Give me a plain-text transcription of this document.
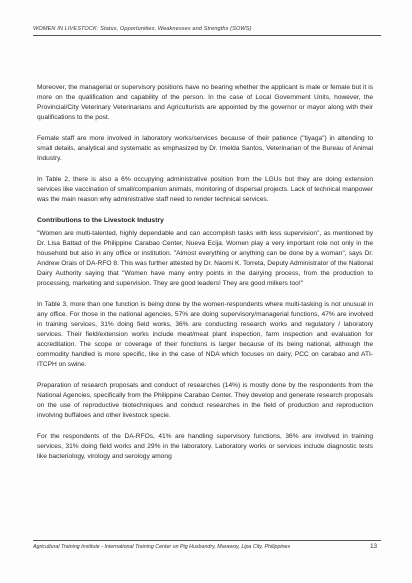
WOMEN IN LIVESTOCK: Status, Opportunities, Weaknesses and Strengths (SOWS)

Moreover, the managerial or supervisory positions have no bearing whether the applicant is male or female but it is more on the qualification and capability of the person. In the case of Local Government Units, however, the Provincial/City Veterinary Veterinarians and Agriculturists are appointed by the governor or mayor along with their qualifications to the post.

Female staff are more involved in laboratory works/services because of their patience ("tiyaga") in attending to small details, analytical and systematic as emphasized by Dr. Imelda Santos, Veterinarian of the Bureau of Animal Industry.

In Table 2, there is also a 6% occupying administrative position from the LGUs but they are doing extension services like vaccination of small/companion animals, monitoring of dispersal projects. Lack of technical manpower was the main reason why administrative staff need to render technical services.

Contributions to the Livestock Industry

"Women are multi-talented, highly dependable and can accomplish tasks with less supervision", as mentioned by Dr. Lisa Battad of the Philippine Carabao Center, Nueva Ecija. Women play a very important role not only in the household but also in any office or institution. "Almost everything or anything can be done by a woman", says Dr. Andrew Orais of DA-RFO 8. This was further attested by Dr. Naomi K. Torreta, Deputy Administrator of the National Dairy Authority saying that "Women have many entry points in the dairying process, from the production to processing, marketing and supervision. They are good leaders! They are good milkers too!"

In Table 3, more than one function is being done by the women-respondents where multi-tasking is not unusual in any office. For those in the national agencies, 57% are doing supervisory/managerial functions, 47% are involved in training services, 31% doing field works, 36% are conducting research works and regulatory / laboratory services. Their field/extension works include meat/meat plant inspection, farm inspection and evaluation for accreditation. The scope or coverage of their functions is larger because of its being national, although the commodity handled is more specific, like in the case of NDA which focuses on dairy, PCC on carabao and ATI-ITCPH on swine.

Preparation of research proposals and conduct of researches (14%) is mostly done by the respondents from the National Agencies, specifically from the Philippine Carabao Center. They develop and generate research proposals on the use of reproductive biotechniques and conduct researches in the field of production and reproduction involving buffaloes and other livestock specie.

For the respondents of the DA-RFOs, 41% are handling supervisory functions, 36% are involved in training services, 31% doing field works and 29% in the laboratory. Laboratory works or services include diagnostic tests like bacteriology, virology and serology among

Agricultural Training Institute - International Training Center on Pig Husbandry, Marawoy, Lipa City, Philippines	13
